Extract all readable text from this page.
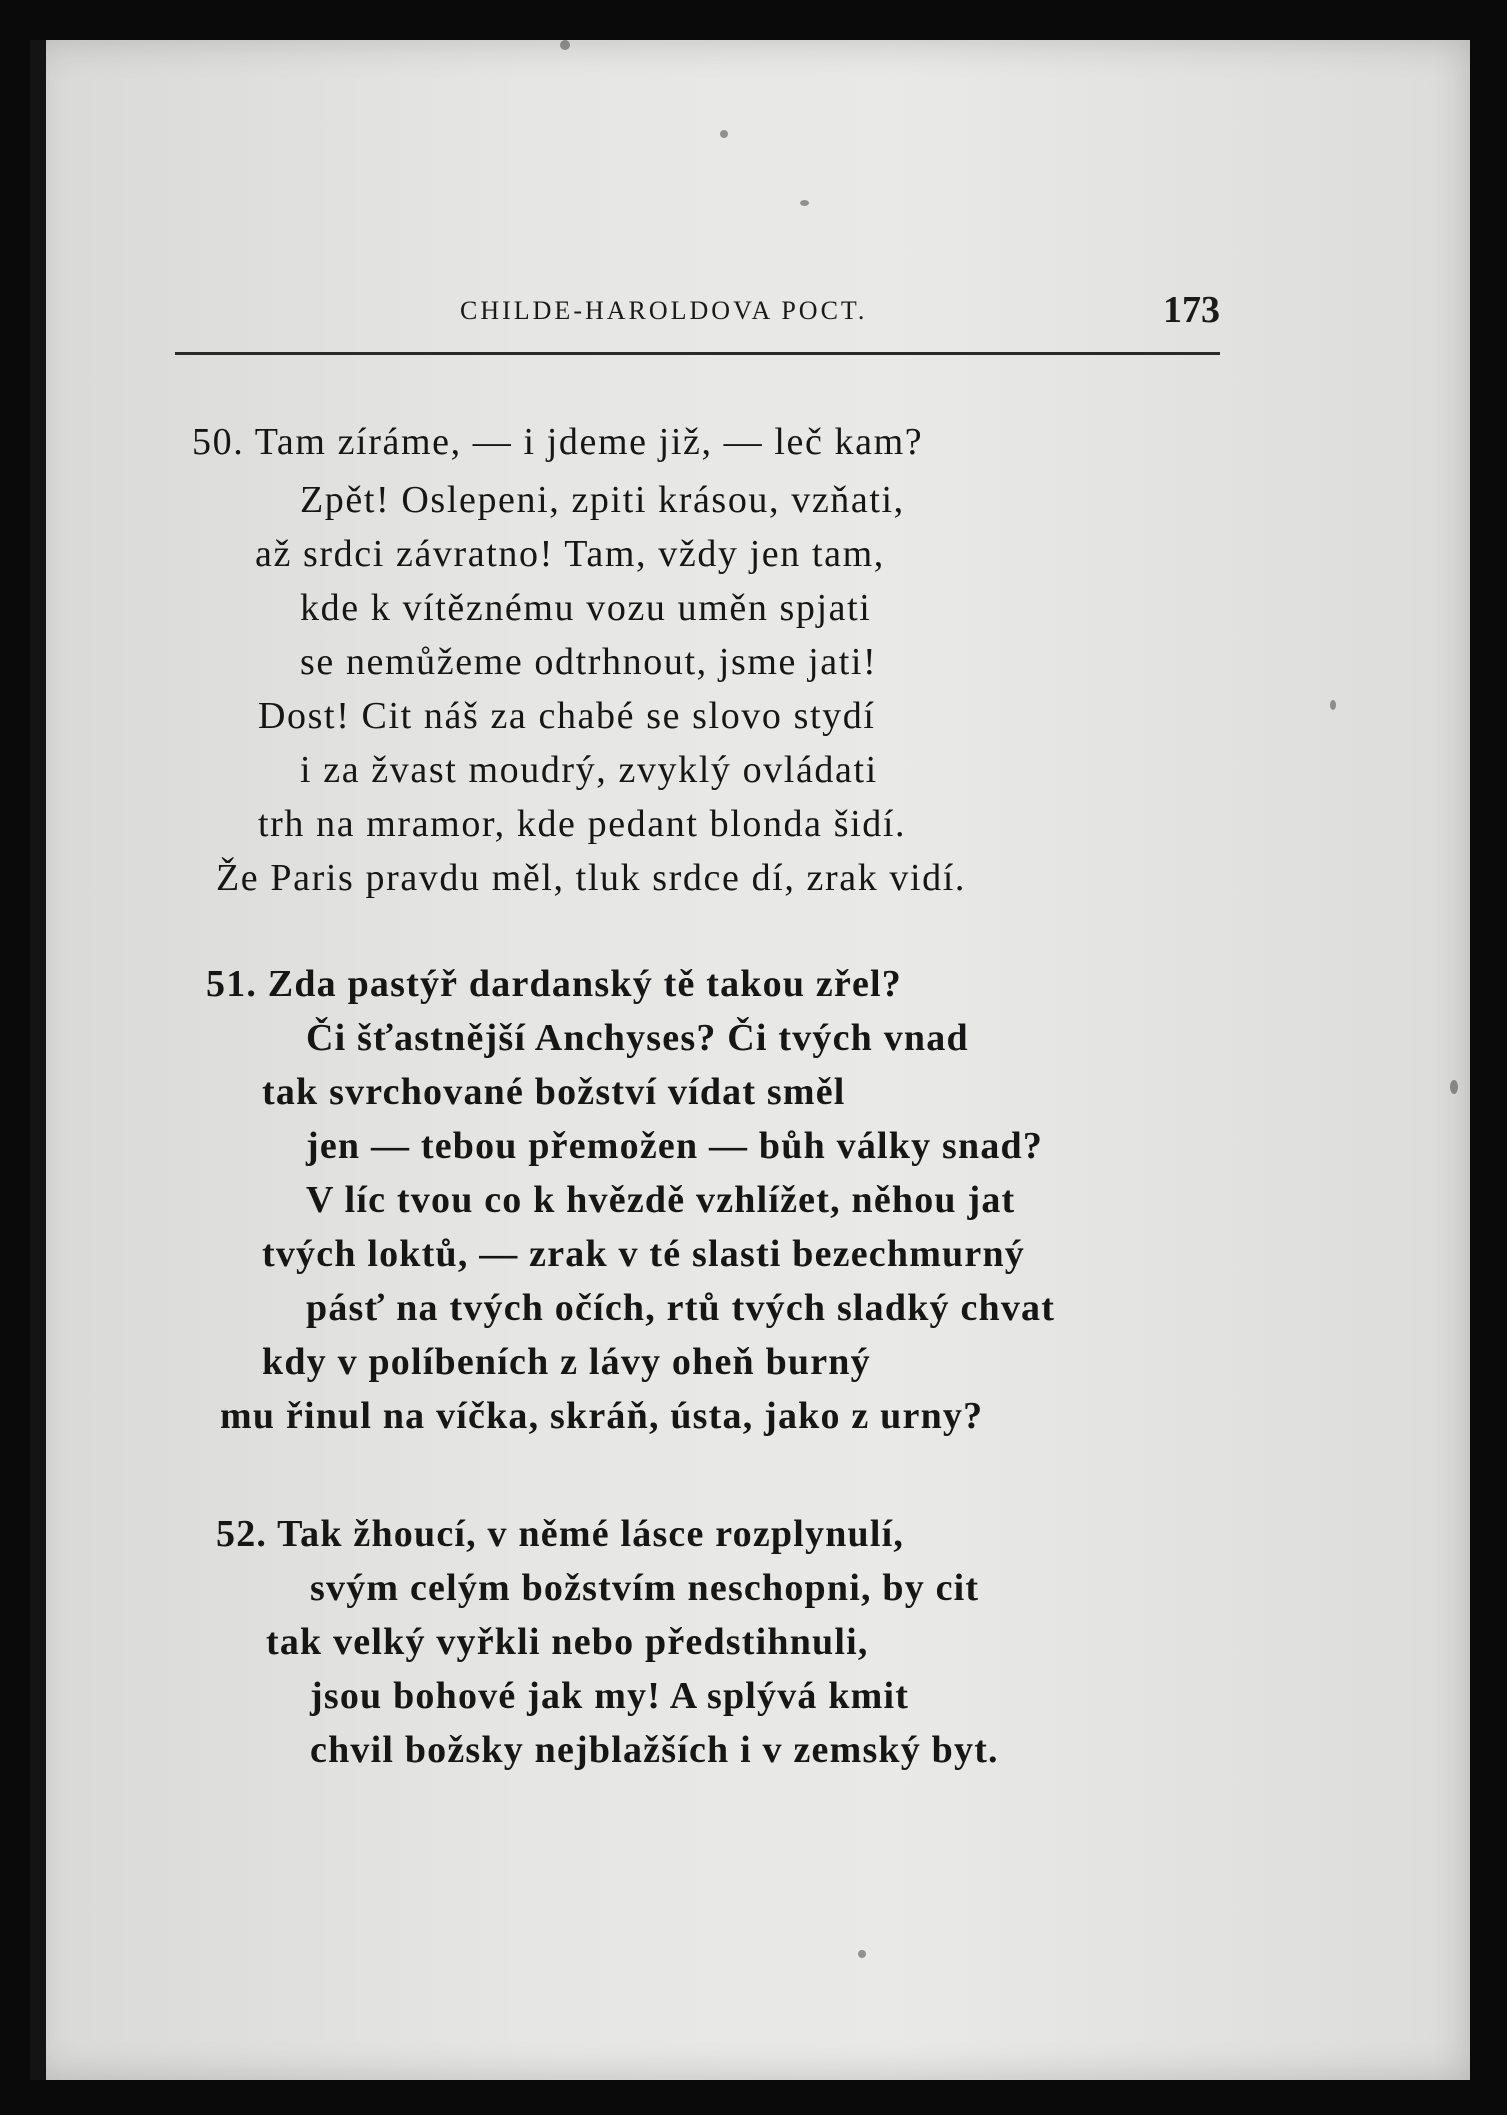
CHILDE-HAROLDOVA POCT.	173
50. Tam zíráme, — i jdeme již, — leč kam?
Zpět! Oslepeni, zpiti krásou, vzňati,
až srdci závratno! Tam, vždy jen tam,
kde k vítěznému vozu uměn spjati
se nemůžeme odtrhnout, jsme jati!
Dost! Cit náš za chabé se slovo stydí
i za žvast moudrý, zvyklý ovládati
trh na mramor, kde pedant blonda šidí.
Že Paris pravdu měl, tluk srdce dí, zrak vidí.
51. Zda pastýř dardanský tě takou zřel?
Či šťastnější Anchyses? Či tvých vnad
tak svrchované božství vídat směl
jen — tebou přemožen — bůh války snad?
V líc tvou co k hvězdě vzhlížet, něhou jat
tvých loktů, — zrak v té slasti bezechmurný
pásť na tvých očích, rtů tvých sladký chvat
kdy v políbeních z lávy oheň burný
mu řinul na víčka, skráň, ústa, jako z urny?
52. Tak žhoucí, v němé lásce rozplynulí,
svým celým božstvím neschopni, by cit
tak velký vyřkli nebo předstihnuli,
jsou bohové jak my! A splývá kmit
chvil božsky nejblažších i v zemský byt.
